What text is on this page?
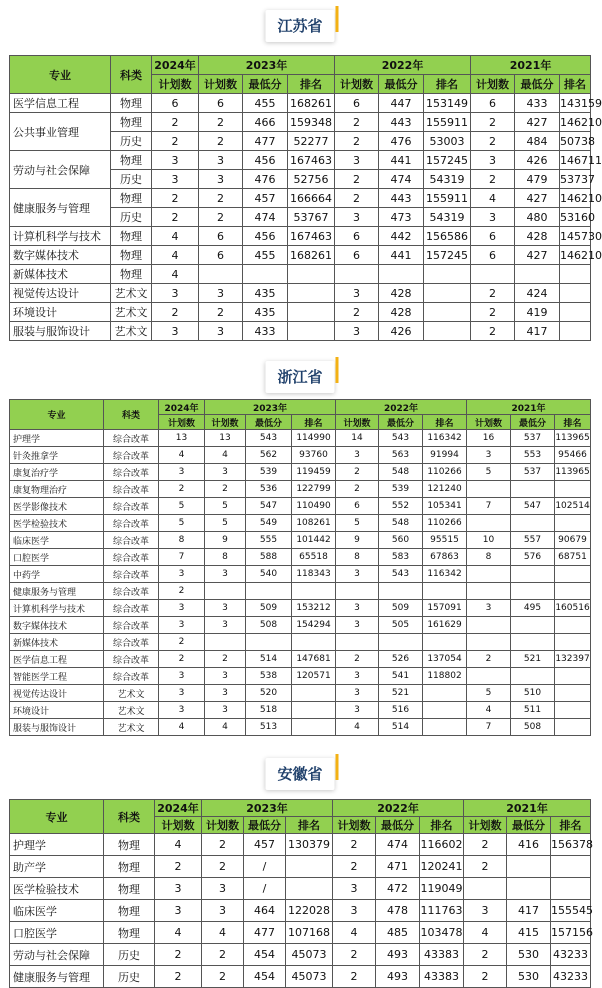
江苏省
专业	科类	2024年	2023年			2022年			2021年		
		计划数	计划数	最低分	排名	计划数	最低分	排名	计划数	最低分	排名
医学信息工程	物理	6	6	455	168261	6	447	153149	6	433	143159
公共事业管理	物理	2	2	466	159348	2	443	155911	2	427	146210
	历史	2	2	477	52277	2	476	53003	2	484	50738
劳动与社会保障	物理	3	3	456	167463	3	441	157245	3	426	146711
	历史	3	3	476	52756	2	474	54319	2	479	53737
健康服务与管理	物理	2	2	457	166664	2	443	155911	4	427	146210
	历史	2	2	474	53767	3	473	54319	3	480	53160
计算机科学与技术	物理	4	6	456	167463	6	442	156586	6	428	145730
数字媒体技术	物理	4	6	455	168261	6	441	157245	6	427	146210
新媒体技术	物理	4									
视觉传达设计	艺术文	3	3	435		3	428		2	424	
环境设计	艺术文	2	2	435		2	428		2	419	
服装与服饰设计	艺术文	3	3	433		3	426		2	417	
浙江省
专业	科类	2024年	2023年			2022年			2021年		
		计划数	计划数	最低分	排名	计划数	最低分	排名	计划数	最低分	排名
护理学	综合改革	13	13	543	114990	14	543	116342	16	537	113965
针灸推拿学	综合改革	4	4	562	93760	3	563	91994	3	553	95466
康复治疗学	综合改革	3	3	539	119459	2	548	110266	5	537	113965
康复物理治疗	综合改革	2	2	536	122799	2	539	121240			
医学影像技术	综合改革	5	5	547	110490	6	552	105341	7	547	102514
医学检验技术	综合改革	5	5	549	108261	5	548	110266			
临床医学	综合改革	8	9	555	101442	9	560	95515	10	557	90679
口腔医学	综合改革	7	8	588	65518	8	583	67863	8	576	68751
中药学	综合改革	3	3	540	118343	3	543	116342			
健康服务与管理	综合改革	2									
计算机科学与技术	综合改革	3	3	509	153212	3	509	157091	3	495	160516
数字媒体技术	综合改革	3	3	508	154294	3	505	161629			
新媒体技术	综合改革	2									
医学信息工程	综合改革	2	2	514	147681	2	526	137054	2	521	132397
智能医学工程	综合改革	3	3	538	120571	3	541	118802			
视觉传达设计	艺术文	3	3	520		3	521		5	510	
环境设计	艺术文	3	3	518		3	516		4	511	
服装与服饰设计	艺术文	4	4	513		4	514		7	508	
安徽省
专业	科类	2024年	2023年			2022年			2021年		
		计划数	计划数	最低分	排名	计划数	最低分	排名	计划数	最低分	排名
护理学	物理	4	2	457	130379	2	474	116602	2	416	156378
助产学	物理	2	2	/		2	471	120241	2		
医学检验技术	物理	3	3	/		3	472	119049			
临床医学	物理	3	3	464	122028	3	478	111763	3	417	155545
口腔医学	物理	4	4	477	107168	4	485	103478	4	415	157156
劳动与社会保障	历史	2	2	454	45073	2	493	43383	2	530	43233
健康服务与管理	历史	2	2	454	45073	2	493	43383	2	530	43233
